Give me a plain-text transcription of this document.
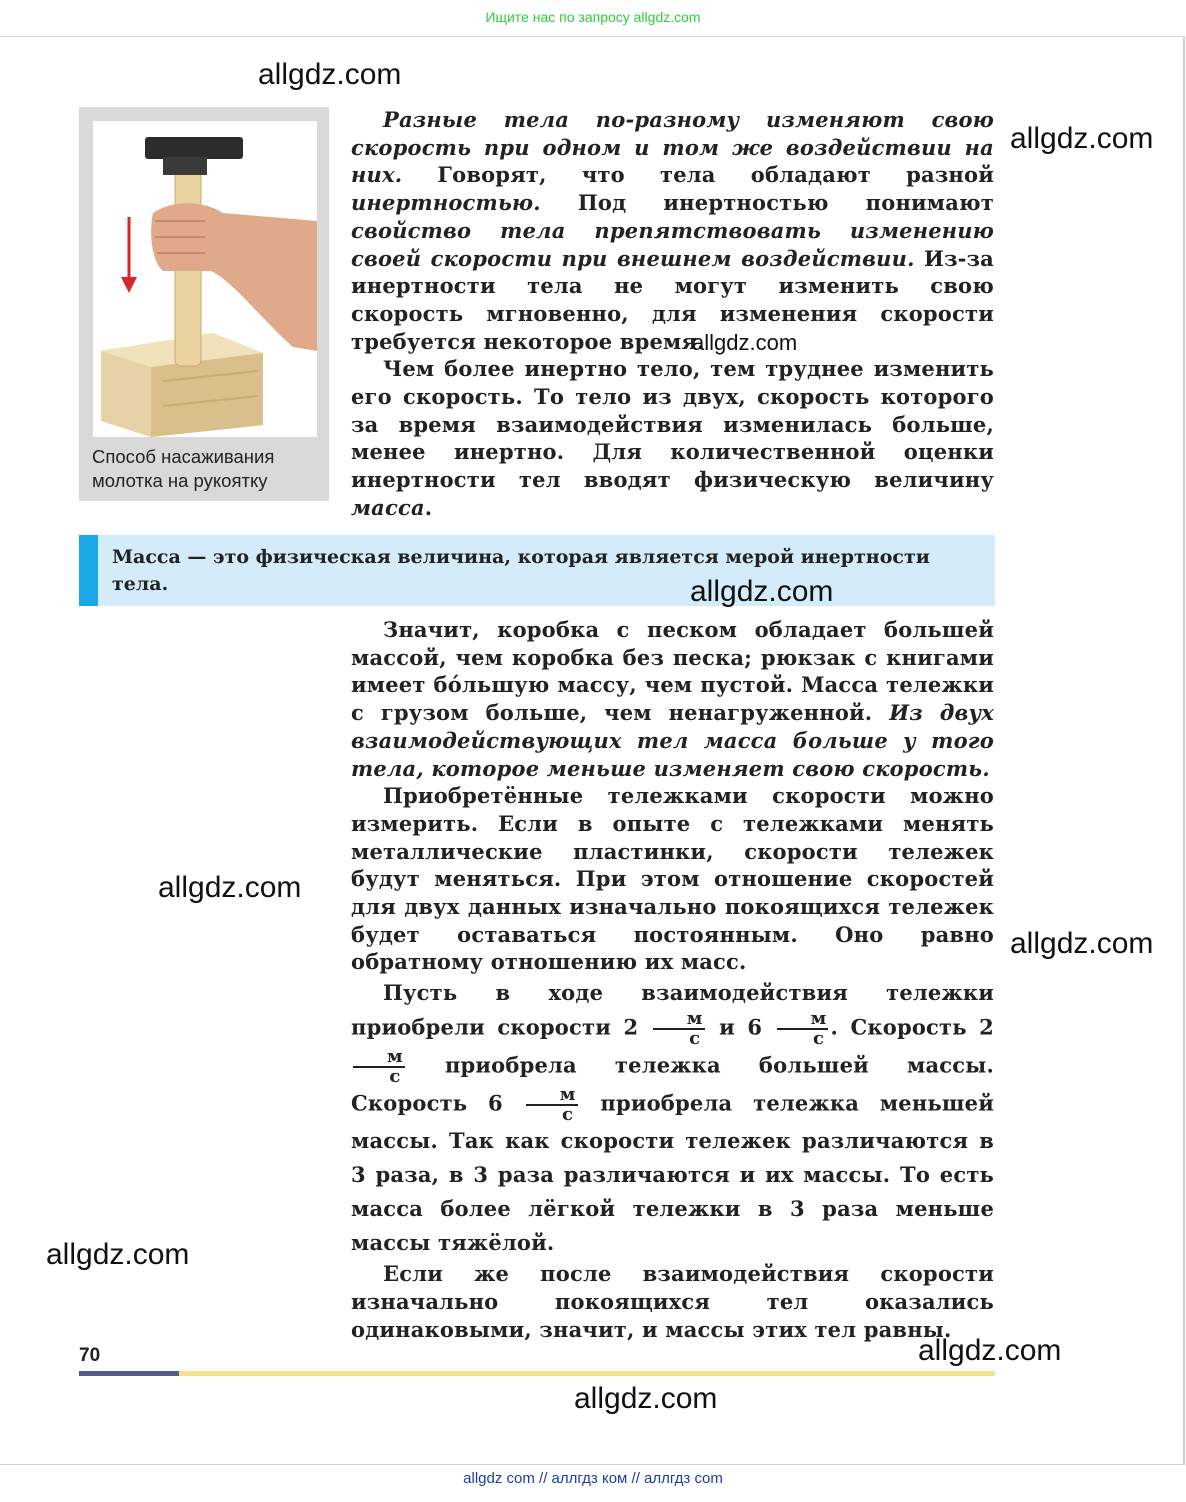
Ищите нас по запросу allgdz.com
Способ насаживания
молотка на рукоятку

Разные тела по-разному изменяют свою скорость при одном и том же воздействии на них. Говорят, что тела обладают разной инертностью. Под инертностью понимают свойство тела препятствовать изменению своей скорости при внешнем воздействии. Из-за инертности тела не могут изменить свою скорость мгновенно, для изменения скорости требуется некоторое время.

Чем более инертно тело, тем труднее изменить его скорость. То тело из двух, скорость которого за время взаимодействия изменилась больше, менее инертно. Для количественной оценки инертности тел вводят физическую величину масса.

Масса — это физическая величина, которая является мерой инертности тела.

Значит, коробка с песком обладает большей массой, чем коробка без песка; рюкзак с книгами имеет бóльшую массу, чем пустой. Масса тележки с грузом больше, чем ненагруженной. Из двух взаимодействующих тел масса больше у того тела, которое меньше изменяет свою скорость.

Приобретённые тележками скорости можно измерить. Если в опыте с тележками менять металлические пластинки, скорости тележек будут меняться. При этом отношение скоростей для двух данных изначально покоящихся тележек будет оставаться постоянным. Оно равно обратному отношению их масс.

Пусть в ходе взаимодействия тележки приобрели скорости $2 \frac{м}{с}$ и $6 \frac{м}{с}$ . Скорость 2
$\frac{м}{с}$ приобрела тележка большей массы. Скорость $6 \frac{м}{с}$ приобрела тележка меньшей массы. Так как скорости тележек различаются в 3 раза, в 3 раза различаются и их массы. То есть масса более лёгкой тележки в 3 раза меньше массы тяжёлой.

Если же после взаимодействия скорости изначально покоящихся тел оказались одинаковыми, значит, и массы этих тел равны.

70
allgdz.com
allgdz.com
allgdz.com
allgdz.com
allgdz.com
allgdz.com
allgdz.com
allgdz.com
allgdz.com
allgdz com // аллгдз ком // аллгдз com
